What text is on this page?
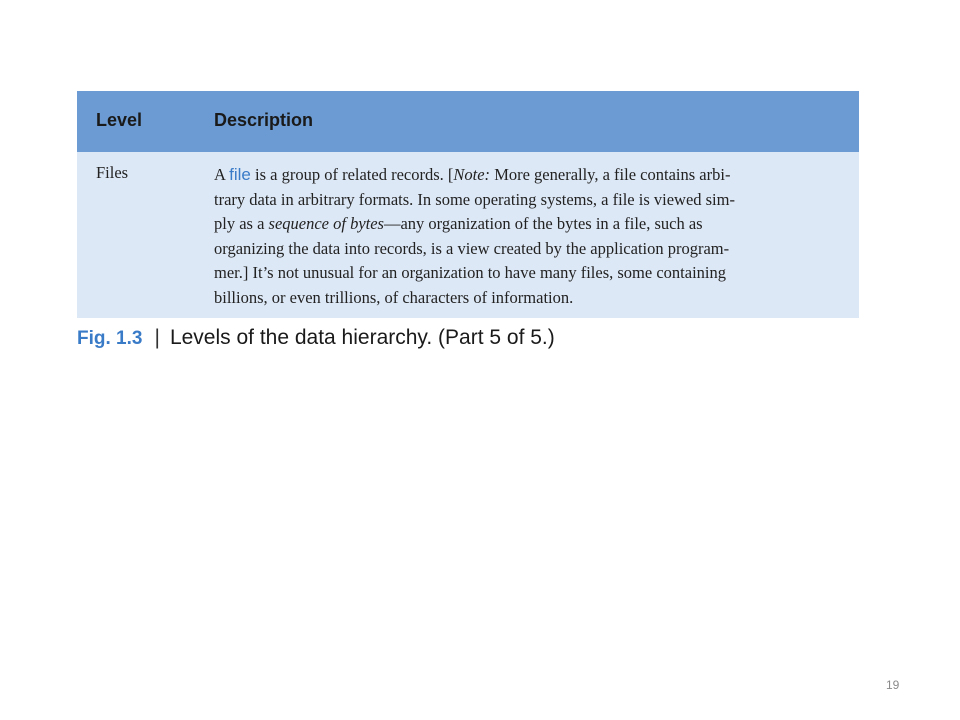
Level	Description
Files	A file is a group of related records. [Note: More generally, a file contains arbi-
trary data in arbitrary formats. In some operating systems, a file is viewed sim-
ply as a sequence of bytes—any organization of the bytes in a file, such as
organizing the data into records, is a view created by the application program-
mer.] It’s not unusual for an organization to have many files, some containing
billions, or even trillions, of characters of information.
Fig. 1.3 | Levels of the data hierarchy. (Part 5 of 5.)
19
